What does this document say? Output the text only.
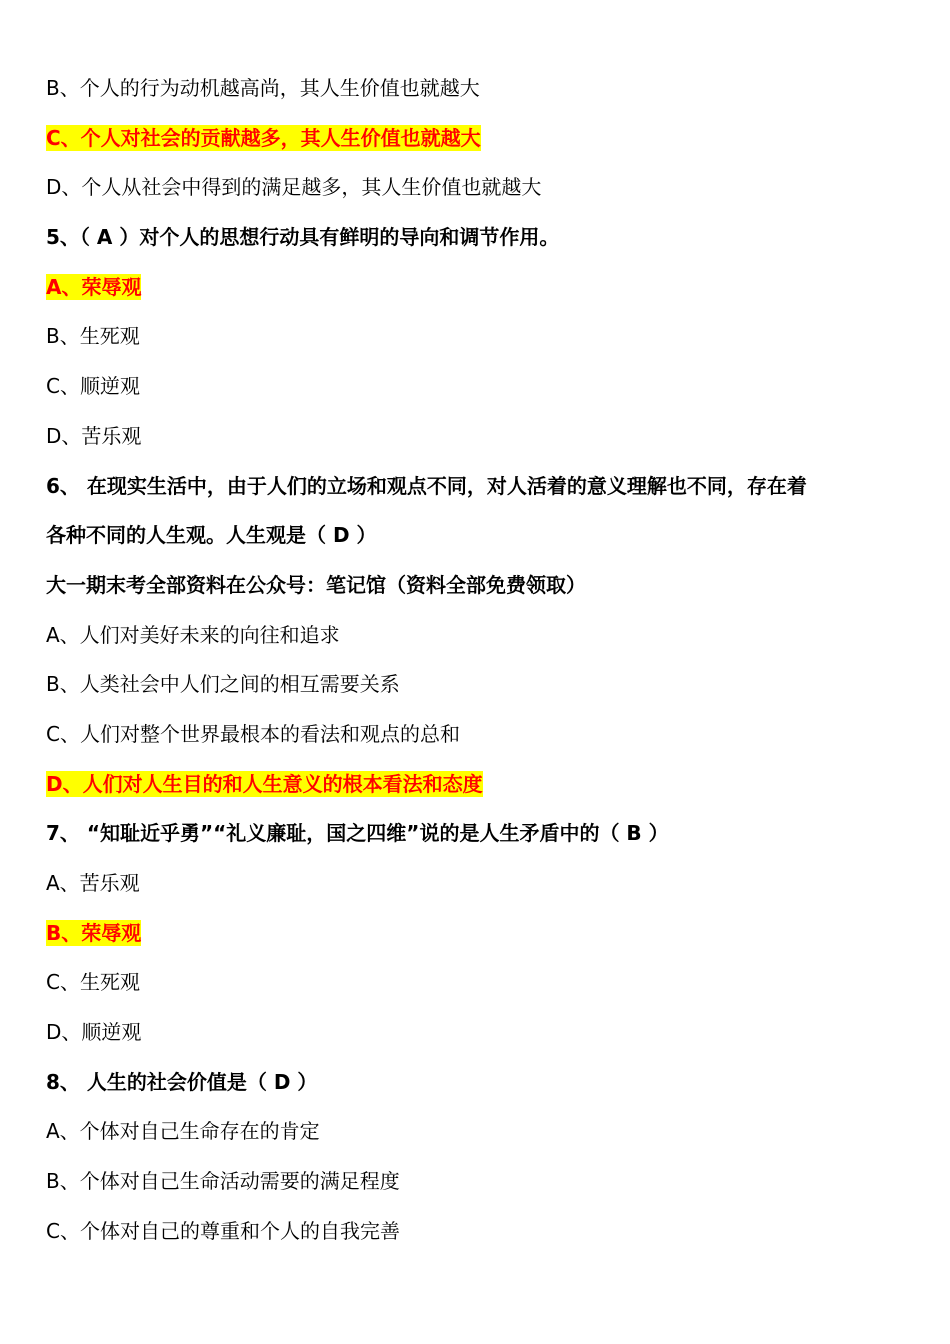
B、个人的行为动机越高尚，其人生价值也就越大
C、个人对社会的贡献越多，其人生价值也就越大
D、个人从社会中得到的满足越多，其人生价值也就越大
5、（ A ）对个人的思想行动具有鲜明的导向和调节作用。
A、荣辱观
B、生死观
C、顺逆观
D、苦乐观
6、 在现实生活中，由于人们的立场和观点不同，对人活着的意义理解也不同，存在着
各种不同的人生观。人生观是（ D ）
大一期末考全部资料在公众号：笔记馆（资料全部免费领取）
A、人们对美好未来的向往和追求
B、人类社会中人们之间的相互需要关系
C、人们对整个世界最根本的看法和观点的总和
D、人们对人生目的和人生意义的根本看法和态度
7、 “知耻近乎勇”“礼义廉耻，国之四维”说的是人生矛盾中的（ B ）
A、苦乐观
B、荣辱观
C、生死观
D、顺逆观
8、 人生的社会价值是（ D ）
A、个体对自己生命存在的肯定
B、个体对自己生命活动需要的满足程度
C、个体对自己的尊重和个人的自我完善
